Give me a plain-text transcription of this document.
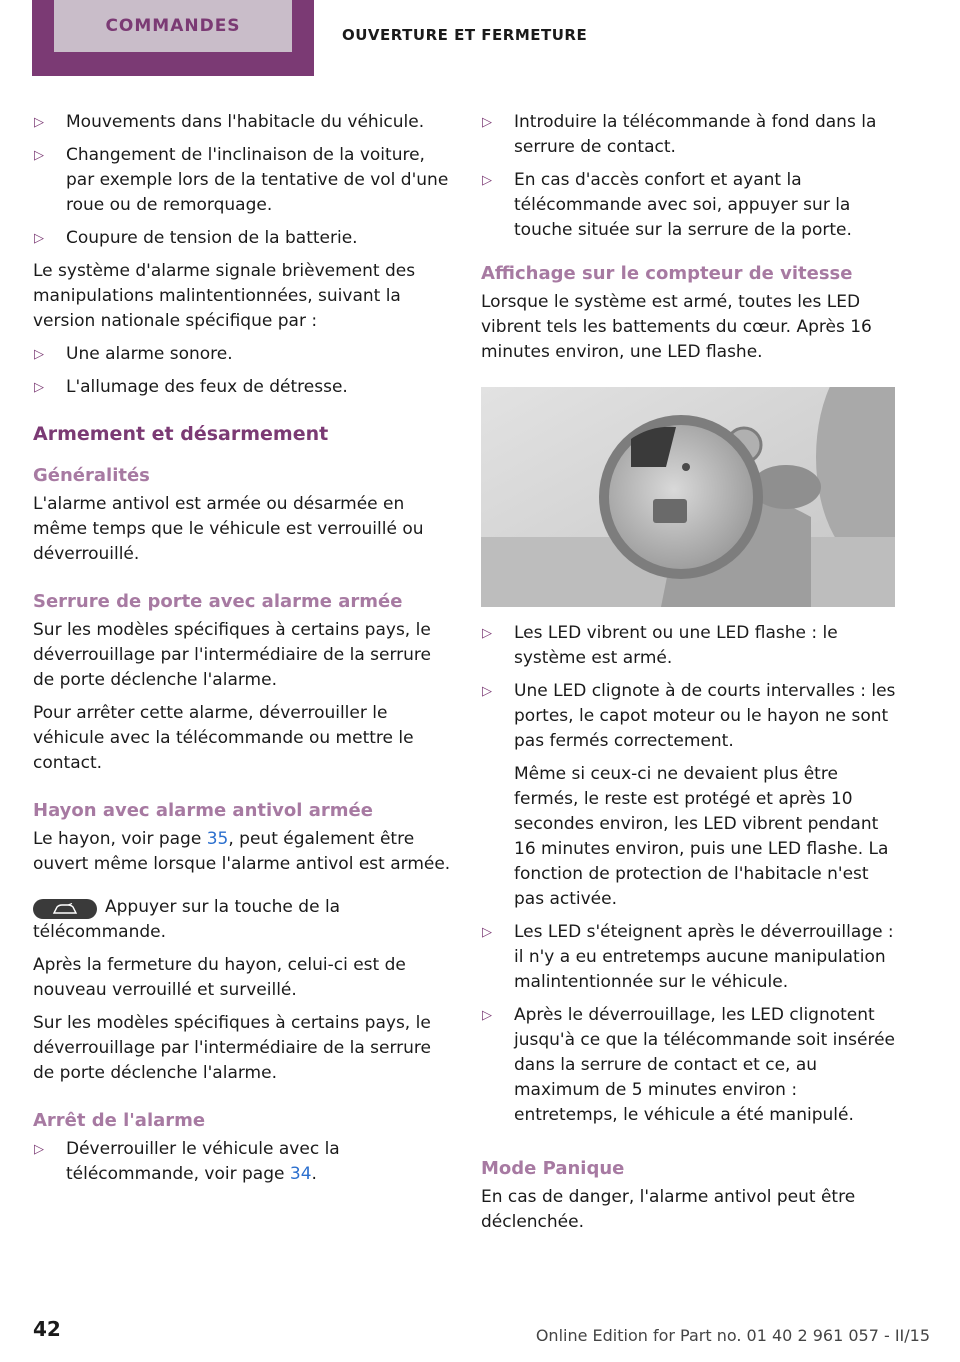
COMMANDES	OUVERTURE ET FERMETURE
▷ Mouvements dans l'habitacle du véhicule.
▷ Changement de l'inclinaison de la voiture, par exemple lors de la tentative de vol d'une roue ou de remorquage.
▷ Coupure de tension de la batterie.

Le système d'alarme signale brièvement des manipulations malintentionnées, suivant la version nationale spécifique par :

▷ Une alarme sonore.
▷ L'allumage des feux de détresse.
Armement et désarmement
Généralités

L'alarme antivol est armée ou désarmée en même temps que le véhicule est verrouillé ou déverrouillé.

Serrure de porte avec alarme armée

Sur les modèles spécifiques à certains pays, le déverrouillage par l'intermédiaire de la serrure de porte déclenche l'alarme.

Pour arrêter cette alarme, déverrouiller le véhicule avec la télécommande ou mettre le contact.

Hayon avec alarme antivol armée

Le hayon, voir page 35, peut également être ouvert même lorsque l'alarme antivol est armée.

Appuyer sur la touche de la télécommande.

Après la fermeture du hayon, celui-ci est de nouveau verrouillé et surveillé.

Sur les modèles spécifiques à certains pays, le déverrouillage par l'intermédiaire de la serrure de porte déclenche l'alarme.

Arrêt de l'alarme
▷ Déverrouiller le véhicule avec la télécommande, voir page 34.
▷ Introduire la télécommande à fond dans la serrure de contact.
▷ En cas d'accès confort et ayant la télécommande avec soi, appuyer sur la touche située sur la serrure de la porte.
Affichage sur le compteur de vitesse

Lorsque le système est armé, toutes les LED vibrent tels les battements du cœur. Après 16 minutes environ, une LED flashe.

▷ Les LED vibrent ou une LED flashe : le système est armé.
▷ Une LED clignote à de courts intervalles : les portes, le capot moteur ou le hayon ne sont pas fermés correctement.

Même si ceux-ci ne devaient plus être fermés, le reste est protégé et après 10 secondes environ, les LED vibrent pendant 16 minutes environ, puis une LED flashe. La fonction de protection de l'habitacle n'est pas activée.

▷ Les LED s'éteignent après le déverrouillage : il n'y a eu entretemps aucune manipulation malintentionnée sur le véhicule.
▷ Après le déverrouillage, les LED clignotent jusqu'à ce que la télécommande soit insérée dans la serrure de contact et ce, au maximum de 5 minutes environ : entretemps, le véhicule a été manipulé.
Mode Panique

En cas de danger, l'alarme antivol peut être déclenchée.

42	Online Edition for Part no. 01 40 2 961 057 - II/15
